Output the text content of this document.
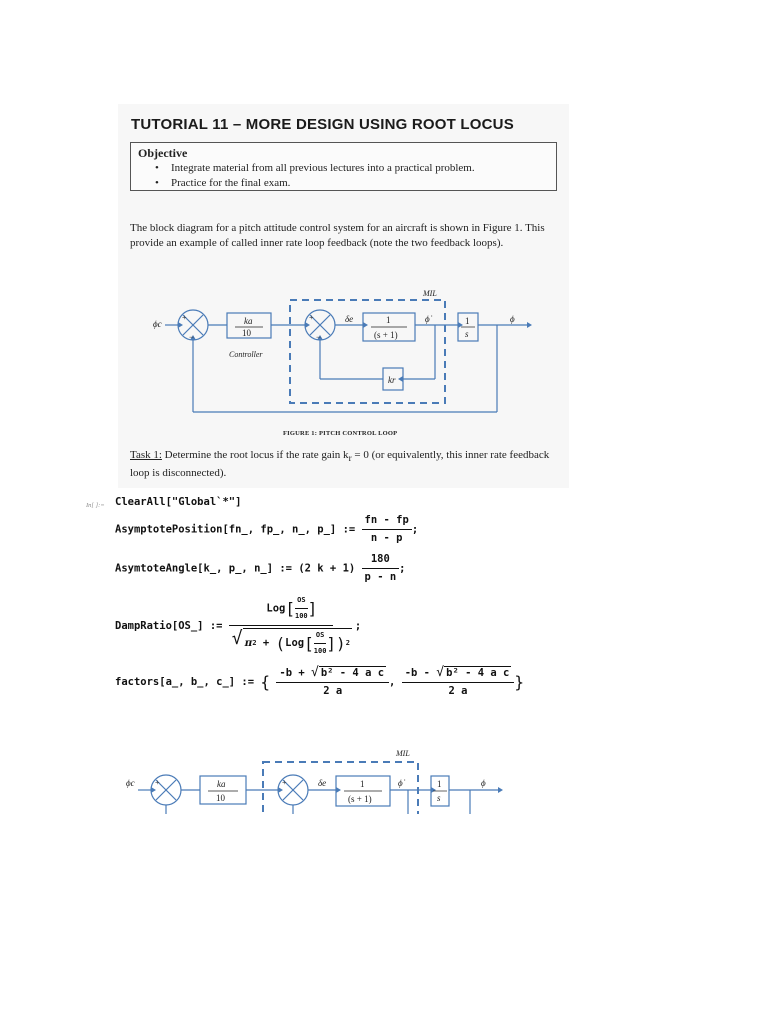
TUTORIAL 11 – MORE DESIGN USING ROOT LOCUS
Objective
• Integrate material from all previous lectures into a practical problem.
• Practice for the final exam.

The block diagram for a pitch attitude control system for an aircraft is shown in Figure 1. This provide an example of called inner rate loop feedback (note the two feedback loops).

ϕc
+
−
ka
10
Controller
+
−
δe	1
(s + 1)
ϕ̇	1
s
ϕ
kr
MIL
FIGURE 1: PITCH CONTROL LOOP

Task 1: Determine the root locus if the rate gain $k_r = 0$ (or equivalently, this inner rate feedback loop is disconnected).

In[ ]:= ClearAll["Global`*"]
AsymptotePosition[fn_, fp_, n_, p_] := $\frac{fn - fp}{n - p}$ ;
AsymtoteAngle[k_, p_, n_] := (2 $k + 1) \frac{180}{p - n}$ ;
DampRatio[OS_] := $\frac{Log[ \frac{OS}{100} ]}{√ \pi 2 + ( Log [ \frac{OS}{100} ]) 2}$ ;
factors[a_, b_, c_] := { $\frac{\text{-b + √ b² - 4 a c}}{2 a}$ , $\frac{\text{-b - √ b² - 4 a c}}{2 a}$ }
ϕc	+	ka
10
+	δe	1
(s + 1)
ϕ̇	1
s
ϕ
MIL
